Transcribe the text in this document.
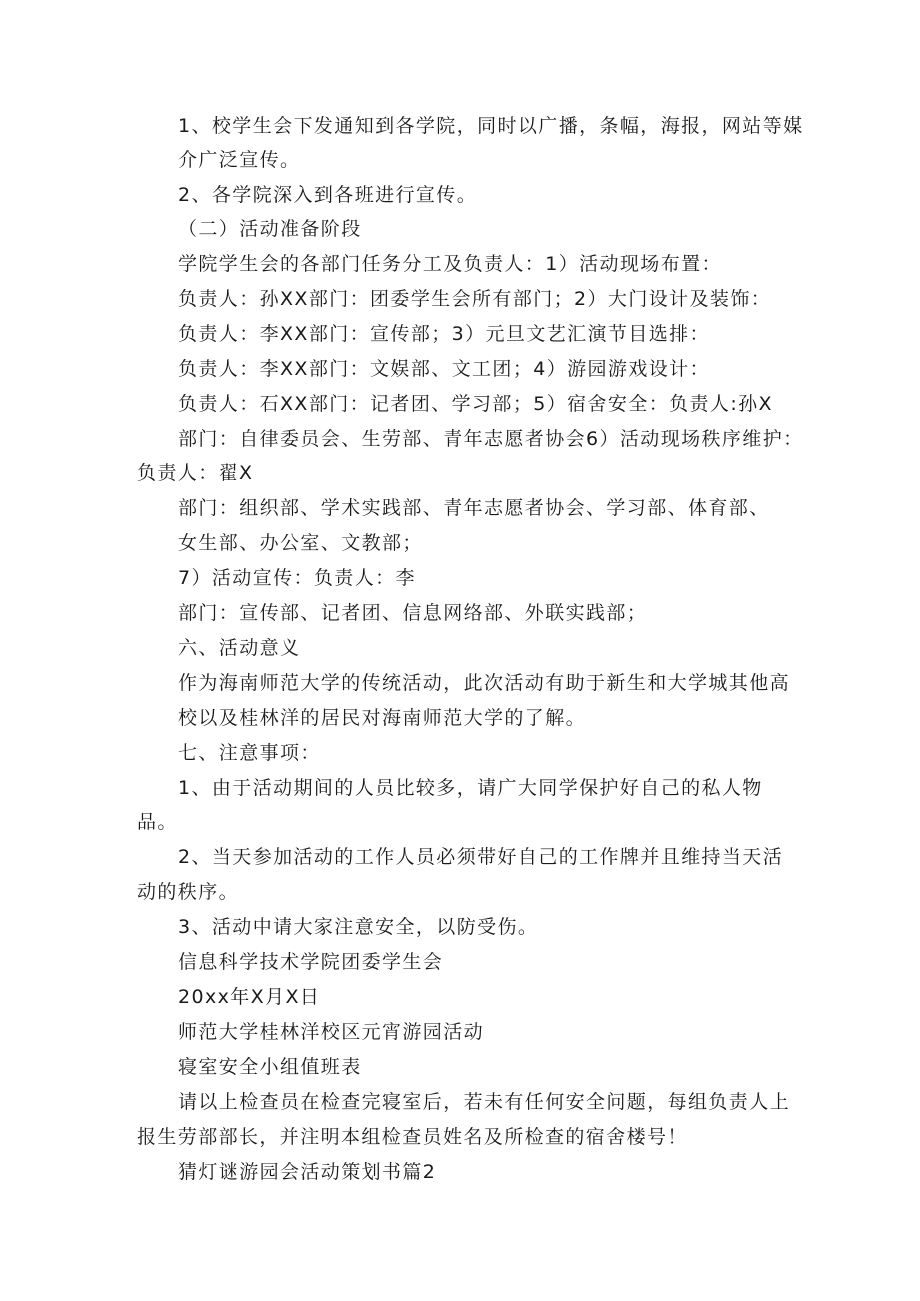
1、校学生会下发通知到各学院，同时以广播，条幅，海报，网站等媒
介广泛宣传。
2、各学院深入到各班进行宣传。
（二）活动准备阶段
学院学生会的各部门任务分工及负责人：1）活动现场布置：
负责人：孙XX部门：团委学生会所有部门；2）大门设计及装饰：
负责人：李XX部门：宣传部；3）元旦文艺汇演节目选排：
负责人：李XX部门：文娱部、文工团；4）游园游戏设计：
负责人：石XX部门：记者团、学习部；5）宿舍安全：负责人:孙X
部门：自律委员会、生劳部、青年志愿者协会6）活动现场秩序维护：
负责人：翟X
部门：组织部、学术实践部、青年志愿者协会、学习部、体育部、
女生部、办公室、文教部；
7）活动宣传：负责人：李
部门：宣传部、记者团、信息网络部、外联实践部；
六、活动意义
作为海南师范大学的传统活动，此次活动有助于新生和大学城其他高
校以及桂林洋的居民对海南师范大学的了解。
七、注意事项：
1、由于活动期间的人员比较多，请广大同学保护好自己的私人物
品。
2、当天参加活动的工作人员必须带好自己的工作牌并且维持当天活
动的秩序。
3、活动中请大家注意安全，以防受伤。
信息科学技术学院团委学生会
20xx年X月X日
师范大学桂林洋校区元宵游园活动
寝室安全小组值班表
请以上检查员在检查完寝室后，若未有任何安全问题，每组负责人上
报生劳部部长，并注明本组检查员姓名及所检查的宿舍楼号！
猜灯谜游园会活动策划书篇2
